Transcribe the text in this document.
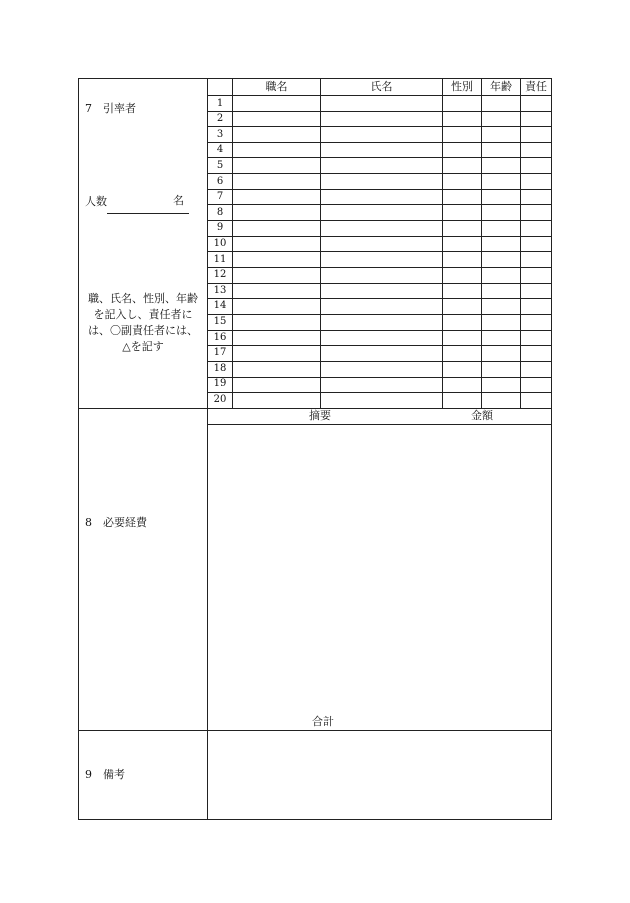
7　引率者
人数	名
職、氏名、性別、年齢
を記入し、責任者に
は、〇副責任者には、
△を記す
職名	氏名	性別	年齢	責任
1
2
3
4
5
6
7
8
9
10
11
12
13
14
15
16
17
18
19
20
摘要	金額
8　必要経費
合計
9　備考
